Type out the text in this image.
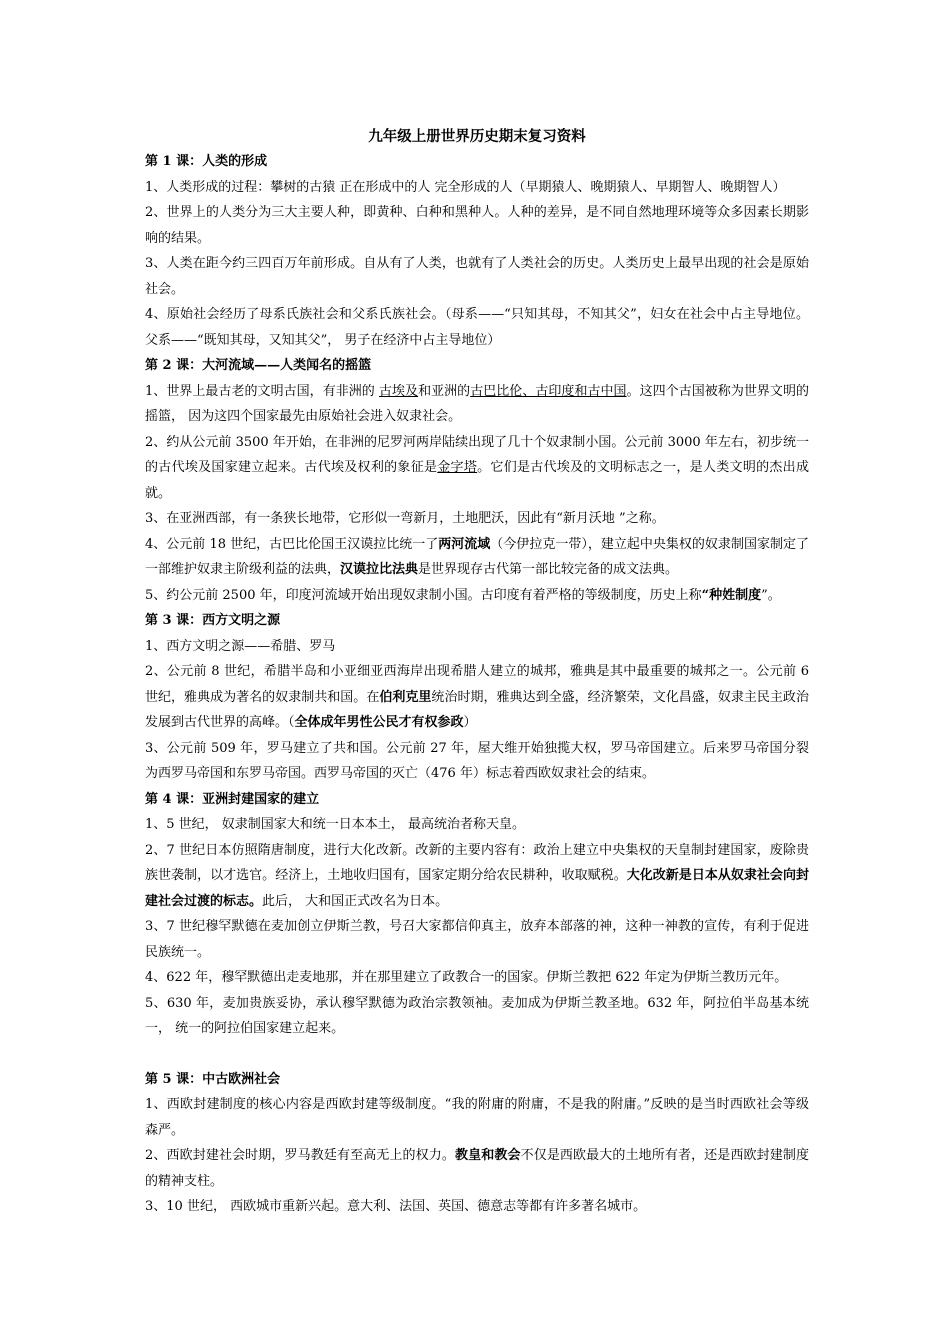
九年级上册世界历史期末复习资料

第 1 课：人类的形成

1、人类形成的过程：攀树的古猿 正在形成中的人 完全形成的人（早期猿人、晚期猿人、早期智人、晚期智人）

2、世界上的人类分为三大主要人种，即黄种、白种和黑种人。人种的差异，是不同自然地理环境等众多因素长期影响的结果。

3、人类在距今约三四百万年前形成。自从有了人类，也就有了人类社会的历史。人类历史上最早出现的社会是原始社会。

4、原始社会经历了母系氏族社会和父系氏族社会。（母系——“只知其母，不知其父”，妇女在社会中占主导地位。父系——“既知其母，又知其父”， 男子在经济中占主导地位）

第 2 课：大河流域——人类闻名的摇篮

1、世界上最古老的文明古国，有非洲的 古埃及和亚洲的古巴比伦、古印度和古中国。这四个古国被称为世界文明的摇篮， 因为这四个国家最先由原始社会进入奴隶社会。

2、约从公元前 3500 年开始，在非洲的尼罗河两岸陆续出现了几十个奴隶制小国。公元前 3000 年左右，初步统一的古代埃及国家建立起来。古代埃及权利的象征是金字塔。它们是古代埃及的文明标志之一，是人类文明的杰出成就。

3、在亚洲西部，有一条狭长地带，它形似一弯新月，土地肥沃，因此有“新月沃地 ”之称。

4、公元前 18 世纪，古巴比伦国王汉谟拉比统一了两河流域（今伊拉克一带），建立起中央集权的奴隶制国家制定了一部维护奴隶主阶级利益的法典，汉谟拉比法典是世界现存古代第一部比较完备的成文法典。

5、约公元前 2500 年，印度河流域开始出现奴隶制小国。古印度有着严格的等级制度，历史上称“种姓制度”。

第 3 课：西方文明之源

1、西方文明之源——希腊、罗马

2、公元前 8 世纪，希腊半岛和小亚细亚西海岸出现希腊人建立的城邦，雅典是其中最重要的城邦之一。公元前 6 世纪，雅典成为著名的奴隶制共和国。在伯利克里统治时期，雅典达到全盛，经济繁荣，文化昌盛，奴隶主民主政治发展到古代世界的高峰。（全体成年男性公民才有权参政）

3、公元前 509 年，罗马建立了共和国。公元前 27 年，屋大维开始独揽大权，罗马帝国建立。后来罗马帝国分裂为西罗马帝国和东罗马帝国。西罗马帝国的灭亡（476 年）标志着西欧奴隶社会的结束。

第 4 课：亚洲封建国家的建立

1、5 世纪， 奴隶制国家大和统一日本本土， 最高统治者称天皇。

2、7 世纪日本仿照隋唐制度，进行大化改新。改新的主要内容有：政治上建立中央集权的天皇制封建国家，废除贵族世袭制，以才选官。经济上，土地收归国有，国家定期分给农民耕种，收取赋税。大化改新是日本从奴隶社会向封建社会过渡的标志。此后， 大和国正式改名为日本。

3、7 世纪穆罕默德在麦加创立伊斯兰教，号召大家都信仰真主，放弃本部落的神，这种一神教的宣传，有利于促进民族统一。

4、622 年，穆罕默德出走麦地那，并在那里建立了政教合一的国家。伊斯兰教把 622 年定为伊斯兰教历元年。

5、630 年，麦加贵族妥协，承认穆罕默德为政治宗教领袖。麦加成为伊斯兰教圣地。632 年，阿拉伯半岛基本统一， 统一的阿拉伯国家建立起来。

第 5 课：中古欧洲社会

1、西欧封建制度的核心内容是西欧封建等级制度。“我的附庸的附庸，不是我的附庸。”反映的是当时西欧社会等级森严。

2、西欧封建社会时期，罗马教廷有至高无上的权力。教皇和教会不仅是西欧最大的土地所有者，还是西欧封建制度的精神支柱。

3、10 世纪， 西欧城市重新兴起。意大利、法国、英国、德意志等都有许多著名城市。
